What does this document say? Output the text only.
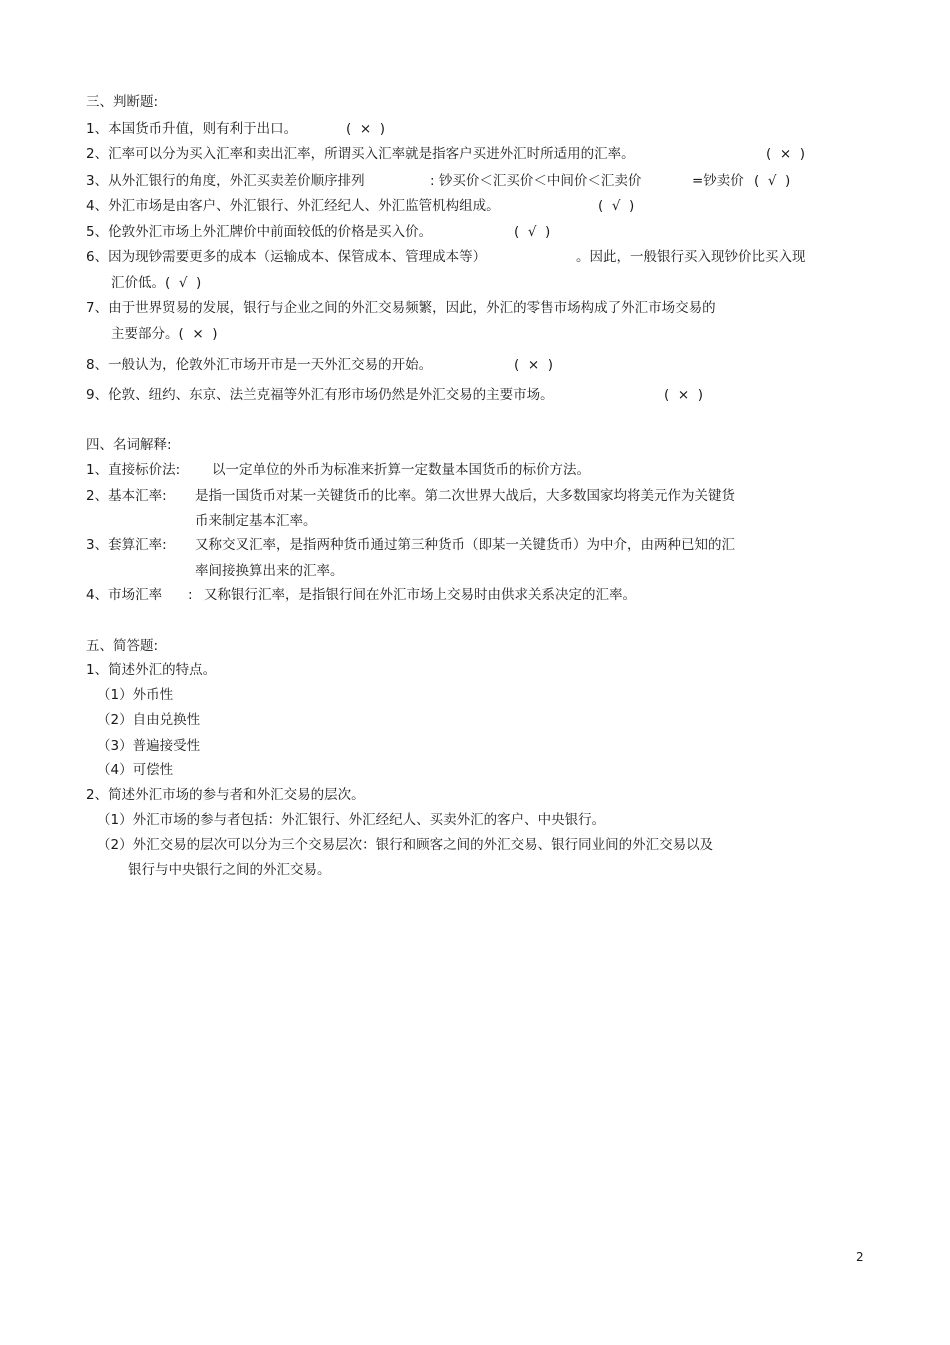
三、判断题:
1、本国货币升值，则有利于出口。	(  ×  )
2、汇率可以分为买入汇率和卖出汇率，所谓买入汇率就是指客户买进外汇时所适用的汇率。	(  ×  )
3、从外汇银行的角度，外汇买卖差价顺序排列	: 钞买价＜汇买价＜中间价＜汇卖价	=钞卖价 (  √  )
4、外汇市场是由客户、外汇银行、外汇经纪人、外汇监管机构组成。	(  √  )
5、伦敦外汇市场上外汇牌价中前面较低的价格是买入价。	(  √  )
6、因为现钞需要更多的成本（运输成本、保管成本、管理成本等）	。因此，一般银行买入现钞价比买入现
汇价低。(  √  )
7、由于世界贸易的发展，银行与企业之间的外汇交易频繁，因此，外汇的零售市场构成了外汇市场交易的
主要部分。(  ×  )
8、一般认为，伦敦外汇市场开市是一天外汇交易的开始。	(  ×  )
9、伦敦、纽约、东京、法兰克福等外汇有形市场仍然是外汇交易的主要市场。	(  ×  )
四、名词解释:
1、直接标价法: 以一定单位的外币为标准来折算一定数量本国货币的标价方法。
2、基本汇率: 是指一国货币对某一关键货币的比率。第二次世界大战后，大多数国家均将美元作为关键货
币来制定基本汇率。
3、套算汇率: 又称交叉汇率，是指两种货币通过第三种货币（即某一关键货币）为中介，由两种已知的汇
率间接换算出来的汇率。
4、市场汇率 : 又称银行汇率，是指银行间在外汇市场上交易时由供求关系决定的汇率。
五、简答题:
1、简述外汇的特点。
（1）外币性
（2）自由兑换性
（3）普遍接受性
（4）可偿性
2、简述外汇市场的参与者和外汇交易的层次。
（1）外汇市场的参与者包括：外汇银行、外汇经纪人、买卖外汇的客户、中央银行。
（2）外汇交易的层次可以分为三个交易层次：银行和顾客之间的外汇交易、银行同业间的外汇交易以及
银行与中央银行之间的外汇交易。
2
